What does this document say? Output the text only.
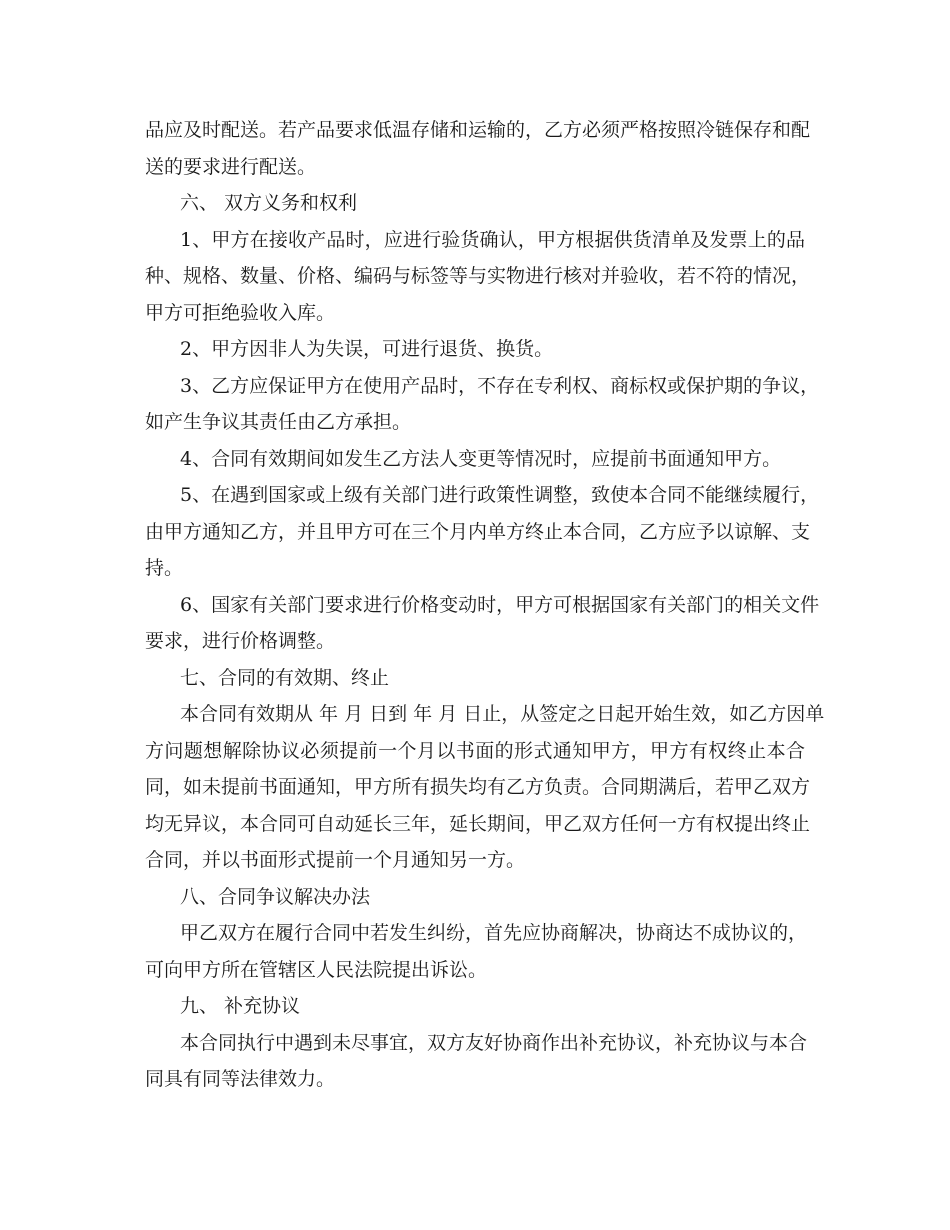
品应及时配送。若产品要求低温存储和运输的，乙方必须严格按照冷链保存和配
送的要求进行配送。
六、 双方义务和权利
1、甲方在接收产品时，应进行验货确认，甲方根据供货清单及发票上的品
种、规格、数量、价格、编码与标签等与实物进行核对并验收，若不符的情况，
甲方可拒绝验收入库。
2、甲方因非人为失误，可进行退货、换货。
3、乙方应保证甲方在使用产品时，不存在专利权、商标权或保护期的争议，
如产生争议其责任由乙方承担。
4、合同有效期间如发生乙方法人变更等情况时，应提前书面通知甲方。
5、在遇到国家或上级有关部门进行政策性调整，致使本合同不能继续履行，
由甲方通知乙方，并且甲方可在三个月内单方终止本合同，乙方应予以谅解、支
持。
6、国家有关部门要求进行价格变动时，甲方可根据国家有关部门的相关文件
要求，进行价格调整。
七、合同的有效期、终止
本合同有效期从 年 月 日到 年 月 日止，从签定之日起开始生效，如乙方因单
方问题想解除协议必须提前一个月以书面的形式通知甲方，甲方有权终止本合
同，如未提前书面通知，甲方所有损失均有乙方负责。合同期满后，若甲乙双方
均无异议，本合同可自动延长三年，延长期间，甲乙双方任何一方有权提出终止
合同，并以书面形式提前一个月通知另一方。
八、合同争议解决办法
甲乙双方在履行合同中若发生纠纷，首先应协商解决，协商达不成协议的，
可向甲方所在管辖区人民法院提出诉讼。
九、 补充协议
本合同执行中遇到未尽事宜，双方友好协商作出补充协议，补充协议与本合
同具有同等法律效力。
